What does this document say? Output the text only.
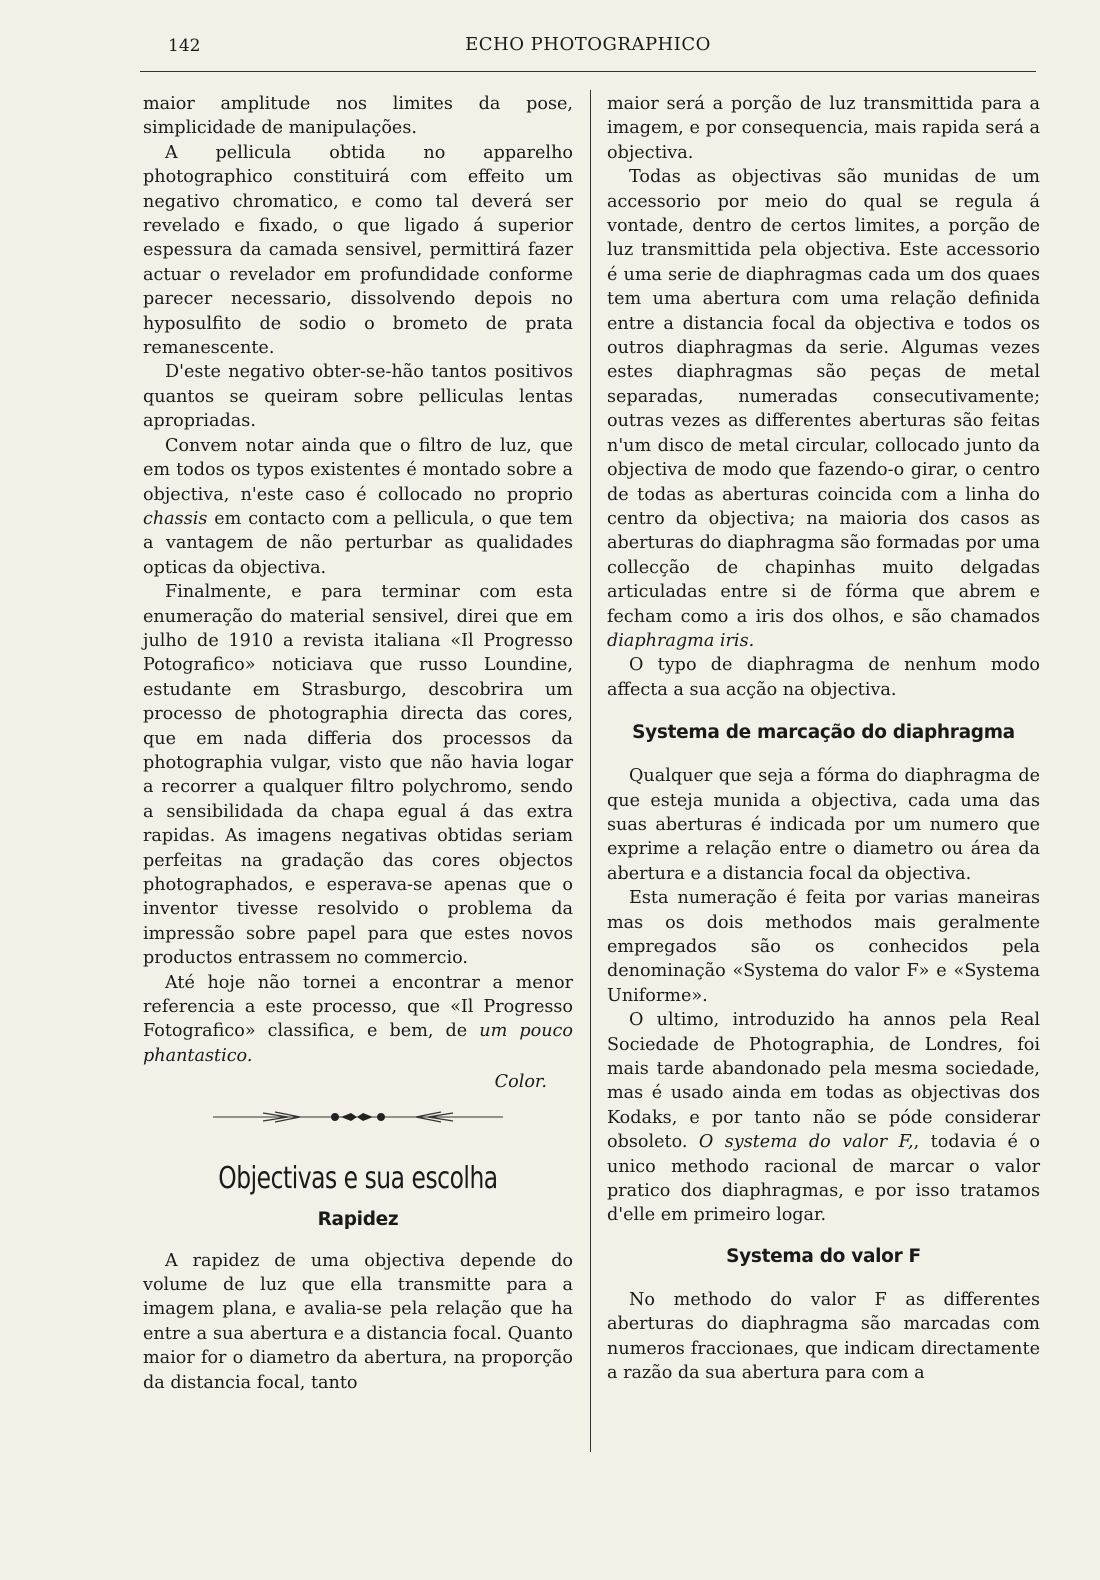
142	ECHO PHOTOGRAPHICO

maior amplitude nos limites da pose, simplicidade de manipulações.

A pellicula obtida no apparelho photographico constituirá com effeito um negativo chromatico, e como tal deverá ser revelado e fixado, o que ligado á superior espessura da camada sensivel, permittirá fazer actuar o revelador em profundidade conforme parecer necessario, dissolvendo depois no hyposulfito de sodio o brometo de prata remanescente.

D'este negativo obter-se-hão tantos positivos quantos se queiram sobre pelliculas lentas apropriadas.

Convem notar ainda que o filtro de luz, que em todos os typos existentes é montado sobre a objectiva, n'este caso é collocado no proprio chassis em contacto com a pellicula, o que tem a vantagem de não perturbar as qualidades opticas da objectiva.

Finalmente, e para terminar com esta enumeração do material sensivel, direi que em julho de 1910 a revista italiana «Il Progresso Potografico» noticiava que russo Loundine, estudante em Strasburgo, descobrira um processo de photographia directa das cores, que em nada differia dos processos da photographia vulgar, visto que não havia logar a recorrer a qualquer filtro polychromo, sendo a sensibilidada da chapa egual á das extra rapidas. As imagens negativas obtidas seriam perfeitas na gradação das cores objectos photographados, e esperava-se apenas que o inventor tivesse resolvido o problema da impressão sobre papel para que estes novos productos entrassem no commercio.

Até hoje não tornei a encontrar a menor referencia a este processo, que «Il Progresso Fotografico» classifica, e bem, de um pouco phantastico.

Color.
Objectivas e sua escolha
Rapidez

A rapidez de uma objectiva depende do volume de luz que ella transmitte para a imagem plana, e avalia-se pela relação que ha entre a sua abertura e a distancia focal. Quanto maior for o diametro da abertura, na proporção da distancia focal, tanto

maior será a porção de luz transmittida para a imagem, e por consequencia, mais rapida será a objectiva.

Todas as objectivas são munidas de um accessorio por meio do qual se regula á vontade, dentro de certos limites, a porção de luz transmittida pela objectiva. Este accessorio é uma serie de diaphragmas cada um dos quaes tem uma abertura com uma relação definida entre a distancia focal da objectiva e todos os outros diaphragmas da serie. Algumas vezes estes diaphragmas são peças de metal separadas, numeradas consecutivamente; outras vezes as differentes aberturas são feitas n'um disco de metal circular, collocado junto da objectiva de modo que fazendo-o girar, o centro de todas as aberturas coincida com a linha do centro da objectiva; na maioria dos casos as aberturas do diaphragma são formadas por uma collecção de chapinhas muito delgadas articuladas entre si de fórma que abrem e fecham como a iris dos olhos, e são chamados diaphragma iris.

O typo de diaphragma de nenhum modo affecta a sua acção na objectiva.

Systema de marcação do diaphragma

Qualquer que seja a fórma do diaphragma de que esteja munida a objectiva, cada uma das suas aberturas é indicada por um numero que exprime a relação entre o diametro ou área da abertura e a distancia focal da objectiva.

Esta numeração é feita por varias maneiras mas os dois methodos mais geralmente empregados são os conhecidos pela denominação «Systema do valor F» e «Systema Uniforme».

O ultimo, introduzido ha annos pela Real Sociedade de Photographia, de Londres, foi mais tarde abandonado pela mesma sociedade, mas é usado ainda em todas as objectivas dos Kodaks, e por tanto não se póde considerar obsoleto. O systema do valor F,, todavia é o unico methodo racional de marcar o valor pratico dos diaphragmas, e por isso tratamos d'elle em primeiro logar.

Systema do valor F

No methodo do valor F as differentes aberturas do diaphragma são marcadas com numeros fraccionaes, que indicam directamente a razão da sua abertura para com a
